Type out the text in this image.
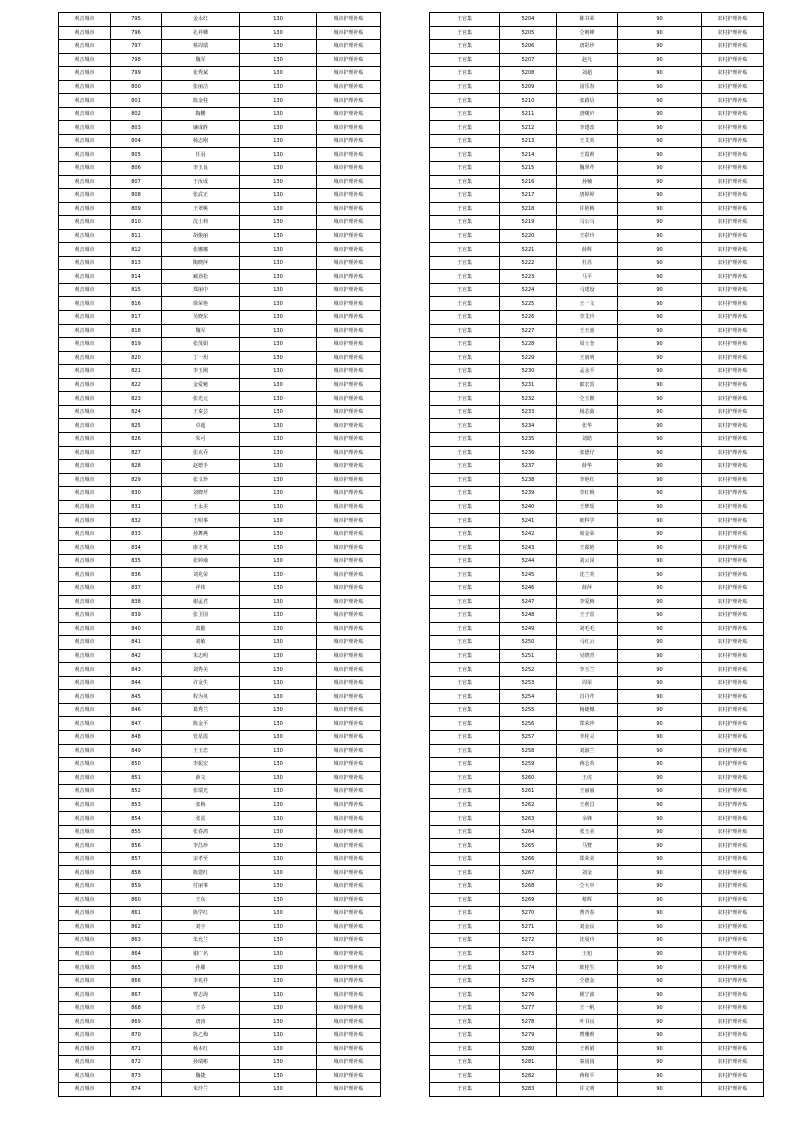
观音城市	795	金永红	130	城市护理补贴
观音城市	796	孔祥卿	130	城市护理补贴
观音城市	797	蔡周瑞	130	城市护理补贴
观音城市	798	魏军	130	城市护理补贴
观音城市	799	张秀斌	130	城市护理补贴
观音城市	800	张丽洁	130	城市护理补贴
观音城市	801	陈金桂	130	城市护理补贴
观音城市	802	陶鹏	130	城市护理补贴
观音城市	803	廉成胜	130	城市护理补贴
观音城市	804	杨志刚	130	城市护理补贴
观音城市	805	任羽	130	城市护理补贴
观音城市	806	李玉良	130	城市护理补贴
观音城市	807	于汝成	130	城市护理补贴
观音城市	808	张武正	130	城市护理补贴
观音城市	809	王翠桃	130	城市护理补贴
观音城市	810	沈士莉	130	城市护理补贴
观音城市	811	胡俊丽	130	城市护理补贴
观音城市	812	张娜娜	130	城市护理补贴
观音城市	813	陶晓萍	130	城市护理补贴
观音城市	814	臧劲松	130	城市护理补贴
观音城市	815	郑丽中	130	城市护理补贴
观音城市	816	徐荣艳	130	城市护理补贴
观音城市	817	吴晓东	130	城市护理补贴
观音城市	818	魏军	130	城市护理补贴
观音城市	819	张茂娟	130	城市护理补贴
观音城市	820	丁一玥	130	城市护理补贴
观音城市	821	李玉刚	130	城市护理补贴
观音城市	822	金爱魁	130	城市护理补贴
观音城市	823	张光元	130	城市护理补贴
观音城市	824	王秦芸	130	城市护理补贴
观音城市	825	卓超	130	城市护理补贴
观音城市	826	朱可	130	城市护理补贴
观音城市	827	张克乔	130	城市护理补贴
观音城市	828	赵德手	130	城市护理补贴
观音城市	829	张文珍	130	城市护理补贴
观音城市	830	刘晓芹	130	城市护理补贴
观音城市	831	王永美	130	城市护理补贴
观音城市	832	王明事	130	城市护理补贴
观音城市	833	孙舞燕	130	城市护理补贴
观音城市	834	席才英	130	城市护理补贴
观音城市	835	张婷瑜	130	城市护理补贴
观音城市	836	刘兆荣	130	城市护理补贴
观音城市	837	祥炜	130	城市护理补贴
观音城市	838	谢孟君	130	城市护理补贴
观音城市	839	张卫国	130	城市护理补贴
观音城市	840	葛勤	130	城市护理补贴
观音城市	841	刘敏	130	城市护理补贴
观音城市	842	朱志明	130	城市护理补贴
观音城市	843	刘秀美	130	城市护理补贴
观音城市	844	许金生	130	城市护理补贴
观音城市	845	程为英	130	城市护理补贴
观音城市	846	葛秀兰	130	城市护理补贴
观音城市	847	陈金平	130	城市护理补贴
观音城市	848	管星霞	130	城市护理补贴
观音城市	849	王玉忠	130	城市护理补贴
观音城市	850	李振宏	130	城市护理补贴
观音城市	851	薛文	130	城市护理补贴
观音城市	852	张瑞光	130	城市护理补贴
观音城市	853	张梅	130	城市护理补贴
观音城市	854	张雷	130	城市护理补贴
观音城市	855	张春鸿	130	城市护理补贴
观音城市	856	李昌珍	130	城市护理补贴
观音城市	857	宋孝至	130	城市护理补贴
观音城市	858	陈建红	130	城市护理补贴
观音城市	859	付丽事	130	城市护理补贴
观音城市	860	王东	130	城市护理补贴
观音城市	861	陈学红	130	城市护理补贴
观音城市	862	刘宇	130	城市护理补贴
观音城市	863	朱允兰	130	城市护理补贴
观音城市	864	谢广名	130	城市护理补贴
观音城市	865	孙滕	130	城市护理补贴
观音城市	866	李兆祥	130	城市护理补贴
观音城市	867	曹志海	130	城市护理补贴
观音城市	868	王芬	130	城市护理补贴
观音城市	869	唐涛	130	城市护理补贴
观音城市	870	陈乙梅	130	城市护理补贴
观音城市	871	杨本红	130	城市护理补贴
观音城市	872	孙瑞彬	130	城市护理补贴
观音城市	873	魏捷	130	城市护理补贴
观音城市	874	朱玲兰	130	城市护理补贴
王官集	5204	陈书荣	90	农村护理补贴
王官集	5205	仝则峰	90	农村护理补贴
王官集	5206	唐彩珍	90	农村护理补贴
王官集	5207	赵凡	90	农村护理补贴
王官集	5208	刘超	90	农村护理补贴
王官集	5209	汤乐春	90	农村护理补贴
王官集	5210	张路信	90	农村护理补贴
王官集	5211	唐曙庐	90	农村护理补贴
王官集	5212	李建改	90	农村护理补贴
王官集	5213	王艾英	90	农村护理补贴
王官集	5214	王霞莉	90	农村护理补贴
王官集	5215	魏翠芹	90	农村护理补贴
王官集	5216	孙楠	90	农村护理补贴
王官集	5217	唐婷婷	90	农村护理补贴
王官集	5218	许艳梅	90	农村护理补贴
王官集	5219	马公马	90	农村护理补贴
王官集	5220	王彩玲	90	农村护理补贴
王官集	5221	薛辉	90	农村护理补贴
王官集	5222	杜苏	90	农村护理补贴
王官集	5223	马平	90	农村护理补贴
王官集	5224	马建设	90	农村护理补贴
王官集	5225	王一文	90	农村护理补贴
王官集	5226	李艾玲	90	农村护理补贴
王官集	5227	王天童	90	农村护理补贴
王官集	5228	周士奎	90	农村护理补贴
王官集	5229	王雨明	90	农村护理补贴
王官集	5230	孟永平	90	农村护理补贴
王官集	5231	郎宏雷	90	农村护理补贴
王官集	5232	仝玉朝	90	农村护理补贴
王官集	5233	杨芯茹	90	农村护理补贴
王官集	5234	张华	90	农村护理补贴
王官集	5235	刘皓	90	农村护理补贴
王官集	5236	张德仔	90	农村护理补贴
王官集	5237	薛华	90	农村护理补贴
王官集	5238	李艳红	90	农村护理补贴
王官集	5239	李红梅	90	农村护理补贴
王官集	5240	王梦瑶	90	农村护理补贴
王官集	5241	欧科学	90	农村护理补贴
王官集	5242	席金荣	90	农村护理补贴
王官集	5243	王葆艳	90	农村护理补贴
王官集	5244	刘云岗	90	农村护理补贴
王官集	5245	沈兰英	90	农村护理补贴
王官集	5246	薛萍	90	农村护理补贴
王官集	5247	李爱梅	90	农村护理补贴
王官集	5248	王子雷	90	农村护理补贴
王官集	5249	刘毛毛	90	农村护理补贴
王官集	5250	马红云	90	农村护理补贴
王官集	5251	吴晓青	90	农村护理补贴
王官集	5252	李玉兰	90	农村护理补贴
王官集	5253	周荣	90	农村护理补贴
王官集	5254	肖丹芹	90	农村护理补贴
王官集	5255	杨婕娜	90	农村护理补贴
王官集	5256	郑荣珍	90	农村护理补贴
王官集	5257	李桂灵	90	农村护理补贴
王官集	5258	刘淑兰	90	农村护理补贴
王官集	5259	蒋志英	90	农村护理补贴
王官集	5260	王虎	90	农村护理补贴
王官集	5261	王丽丽	90	农村护理补贴
王官集	5262	王莉昌	90	农村护理补贴
王官集	5263	余锋	90	农村护理补贴
王官集	5264	张玉美	90	农村护理补贴
王官集	5265	马赞	90	农村护理补贴
王官集	5266	郑荣美	90	农村护理补贴
王官集	5267	刘金	90	农村护理补贴
王官集	5268	仝大中	90	农村护理补贴
王官集	5269	蔡辉	90	农村护理补贴
王官集	5270	曹青春	90	农村护理补贴
王官集	5271	刘金良	90	农村护理补贴
王官集	5272	沈曼玲	90	农村护理补贴
王官集	5273	王旭	90	农村护理补贴
王官集	5274	欧桂生	90	农村护理补贴
王官集	5275	仝德金	90	农村护理补贴
王官集	5276	姚宁波	90	农村护理补贴
王官集	5277	王一帆	90	农村护理补贴
王官集	5278	叶书良	90	农村护理补贴
王官集	5279	曹珊莉	90	农村护理补贴
王官集	5280	王莉娟	90	农村护理补贴
王官集	5281	秦国园	90	农村护理补贴
王官集	5282	蒋和平	90	农村护理补贴
王官集	5283	许文明	90	农村护理补贴
